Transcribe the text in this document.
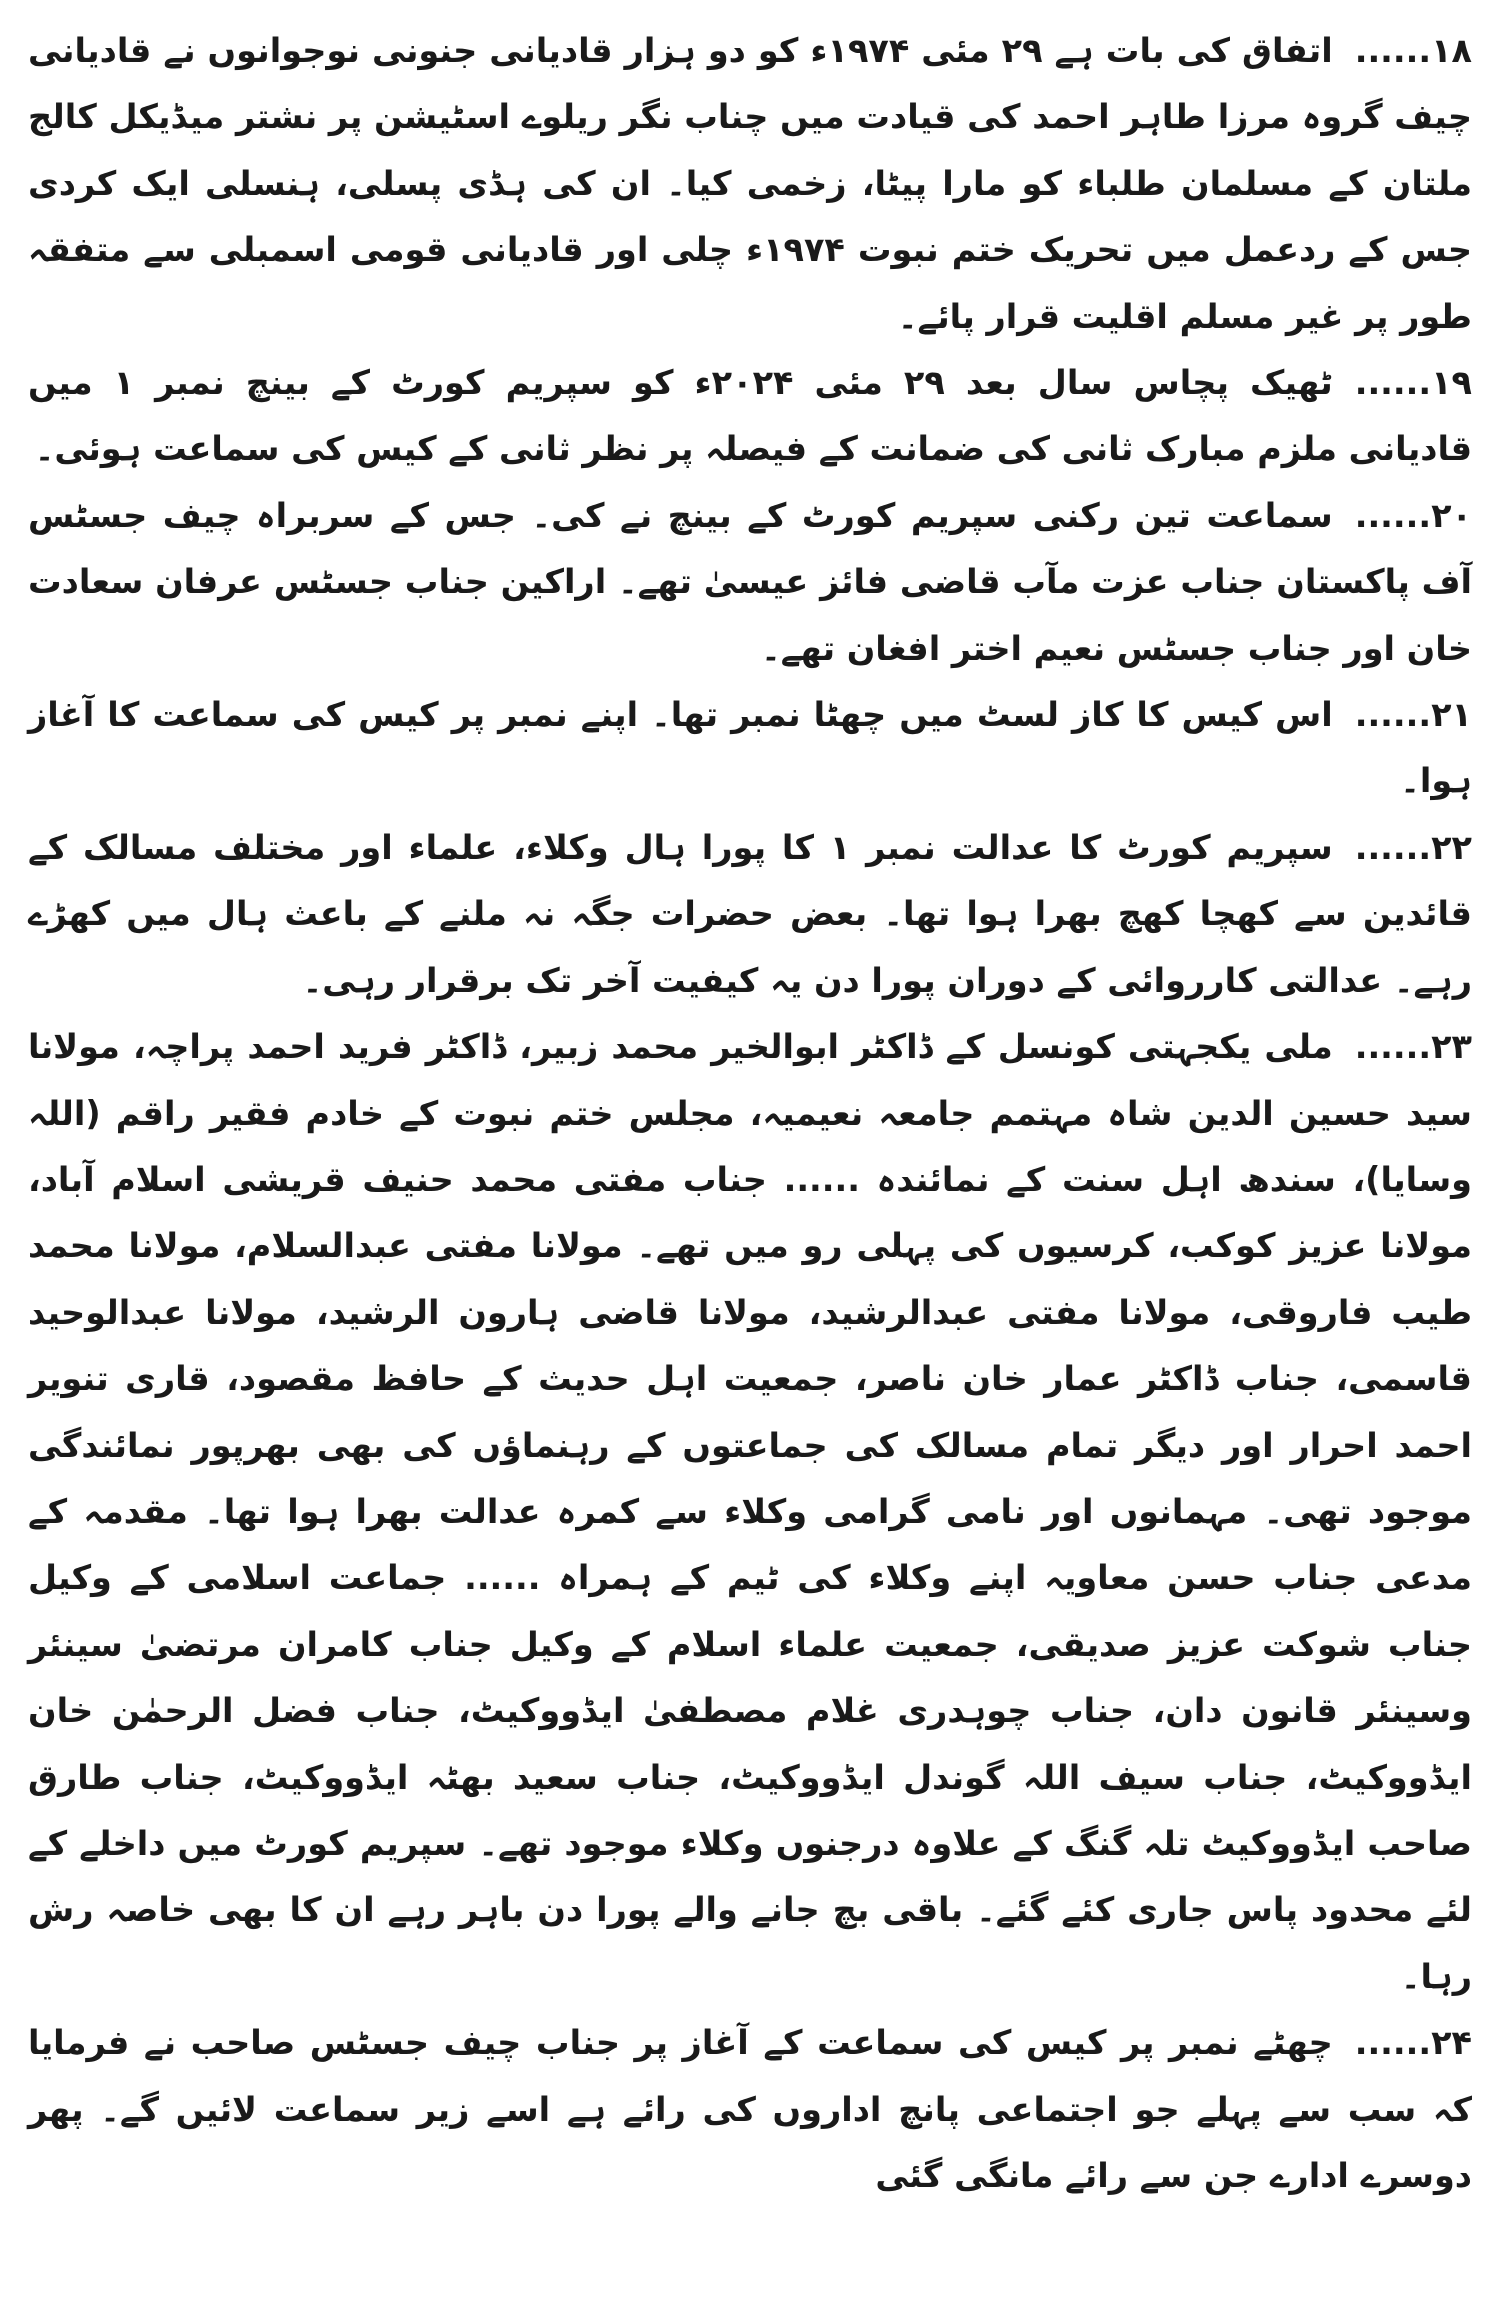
۱۸......اتفاق کی بات ہے ۲۹ مئی ۱۹۷۴ء کو دو ہزار قادیانی جنونی نوجوانوں نے قادیانی چیف گروہ مرزا طاہر احمد کی قیادت میں چناب نگر ریلوے اسٹیشن پر نشتر میڈیکل کالج ملتان کے مسلمان طلباء کو مارا پیٹا، زخمی کیا۔ ان کی ہڈی پسلی، ہنسلی ایک کردی جس کے ردعمل میں تحریک ختم نبوت ۱۹۷۴ء چلی اور قادیانی قومی اسمبلی سے متفقہ طور پر غیر مسلم اقلیت قرار پائے۔

۱۹......ٹھیک پچاس سال بعد ۲۹ مئی ۲۰۲۴ء کو سپریم کورٹ کے بینچ نمبر ۱ میں قادیانی ملزم مبارک ثانی کی ضمانت کے فیصلہ پر نظر ثانی کے کیس کی سماعت ہوئی۔

۲۰......سماعت تین رکنی سپریم کورٹ کے بینچ نے کی۔ جس کے سربراہ چیف جسٹس آف پاکستان جناب عزت مآب قاضی فائز عیسیٰ تھے۔ اراکین جناب جسٹس عرفان سعادت خان اور جناب جسٹس نعیم اختر افغان تھے۔

۲۱......اس کیس کا کاز لسٹ میں چھٹا نمبر تھا۔ اپنے نمبر پر کیس کی سماعت کا آغاز ہوا۔

۲۲......سپریم کورٹ کا عدالت نمبر ۱ کا پورا ہال وکلاء، علماء اور مختلف مسالک کے قائدین سے کھچا کھچ بھرا ہوا تھا۔ بعض حضرات جگہ نہ ملنے کے باعث ہال میں کھڑے رہے۔ عدالتی کارروائی کے دوران پورا دن یہ کیفیت آخر تک برقرار رہی۔

۲۳......ملی یکجہتی کونسل کے ڈاکٹر ابوالخیر محمد زبیر، ڈاکٹر فرید احمد پراچہ، مولانا سید حسین الدین شاہ مہتمم جامعہ نعیمیہ، مجلس ختم نبوت کے خادم فقیر راقم (اللہ وسایا)، سندھ اہل سنت کے نمائندہ ...... جناب مفتی محمد حنیف قریشی اسلام آباد، مولانا عزیز کوکب، کرسیوں کی پہلی رو میں تھے۔ مولانا مفتی عبدالسلام، مولانا محمد طیب فاروقی، مولانا مفتی عبدالرشید، مولانا قاضی ہارون الرشید، مولانا عبدالوحید قاسمی، جناب ڈاکٹر عمار خان ناصر، جمعیت اہل حدیث کے حافظ مقصود، قاری تنویر احمد احرار اور دیگر تمام مسالک کی جماعتوں کے رہنماؤں کی بھی بھرپور نمائندگی موجود تھی۔ مہمانوں اور نامی گرامی وکلاء سے کمرہ عدالت بھرا ہوا تھا۔ مقدمہ کے مدعی جناب حسن معاویہ اپنے وکلاء کی ٹیم کے ہمراہ ...... جماعت اسلامی کے وکیل جناب شوکت عزیز صدیقی، جمعیت علماء اسلام کے وکیل جناب کامران مرتضیٰ سینئر وسینئر قانون دان، جناب چوہدری غلام مصطفیٰ ایڈووکیٹ، جناب فضل الرحمٰن خان ایڈووکیٹ، جناب سیف اللہ گوندل ایڈووکیٹ، جناب سعید بھٹہ ایڈووکیٹ، جناب طارق صاحب ایڈووکیٹ تلہ گنگ کے علاوہ درجنوں وکلاء موجود تھے۔ سپریم کورٹ میں داخلے کے لئے محدود پاس جاری کئے گئے۔ باقی بچ جانے والے پورا دن باہر رہے ان کا بھی خاصہ رش رہا۔

۲۴......چھٹے نمبر پر کیس کی سماعت کے آغاز پر جناب چیف جسٹس صاحب نے فرمایا کہ سب سے پہلے جو اجتماعی پانچ اداروں کی رائے ہے اسے زیر سماعت لائیں گے۔ پھر دوسرے ادارے جن سے رائے مانگی گئی
